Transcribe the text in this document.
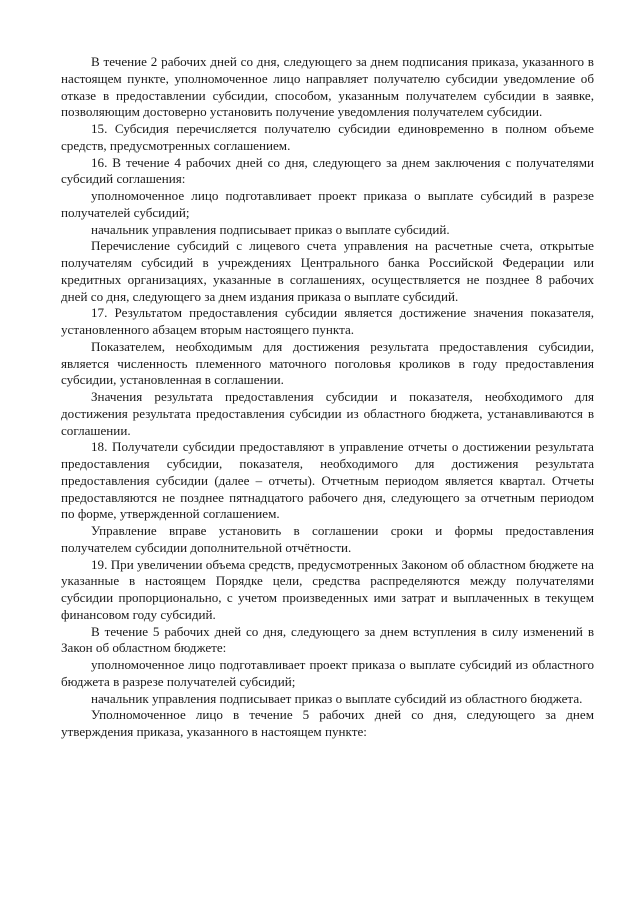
В течение 2 рабочих дней со дня, следующего за днем подписания приказа, указанного в настоящем пункте, уполномоченное лицо направляет получателю субсидии уведомление об отказе в предоставлении субсидии, способом, указанным получателем субсидии в заявке, позволяющим достоверно установить получение уведомления получателем субсидии.

15. Субсидия перечисляется получателю субсидии единовременно в полном объеме средств, предусмотренных соглашением.

16. В течение 4 рабочих дней со дня, следующего за днем заключения с получателями субсидий соглашения:

уполномоченное лицо подготавливает проект приказа о выплате субсидий в разрезе получателей субсидий;

начальник управления подписывает приказ о выплате субсидий.

Перечисление субсидий с лицевого счета управления на расчетные счета, открытые получателям субсидий в учреждениях Центрального банка Российской Федерации или кредитных организациях, указанные в соглашениях, осуществляется не позднее 8 рабочих дней со дня, следующего за днем издания приказа о выплате субсидий.

17. Результатом предоставления субсидии является достижение значения показателя, установленного абзацем вторым настоящего пункта.

Показателем, необходимым для достижения результата предоставления субсидии, является численность племенного маточного поголовья кроликов в году предоставления субсидии, установленная в соглашении.

Значения результата предоставления субсидии и показателя, необходимого для достижения результата предоставления субсидии из областного бюджета, устанавливаются в соглашении.

18. Получатели субсидии предоставляют в управление отчеты о достижении результата предоставления субсидии, показателя, необходимого для достижения результата предоставления субсидии (далее – отчеты). Отчетным периодом является квартал. Отчеты предоставляются не позднее пятнадцатого рабочего дня, следующего за отчетным периодом по форме, утвержденной соглашением.

Управление вправе установить в соглашении сроки и формы предоставления получателем субсидии дополнительной отчётности.

19. При увеличении объема средств, предусмотренных Законом об областном бюджете на указанные в настоящем Порядке цели, средства распределяются между получателями субсидии пропорционально, с учетом произведенных ими затрат и выплаченных в текущем финансовом году субсидий.

В течение 5 рабочих дней со дня, следующего за днем вступления в силу изменений в Закон об областном бюджете:

уполномоченное лицо подготавливает проект приказа о выплате субсидий из областного бюджета в разрезе получателей субсидий;

начальник управления подписывает приказ о выплате субсидий из областного бюджета.

Уполномоченное лицо в течение 5 рабочих дней со дня, следующего за днем утверждения приказа, указанного в настоящем пункте:
